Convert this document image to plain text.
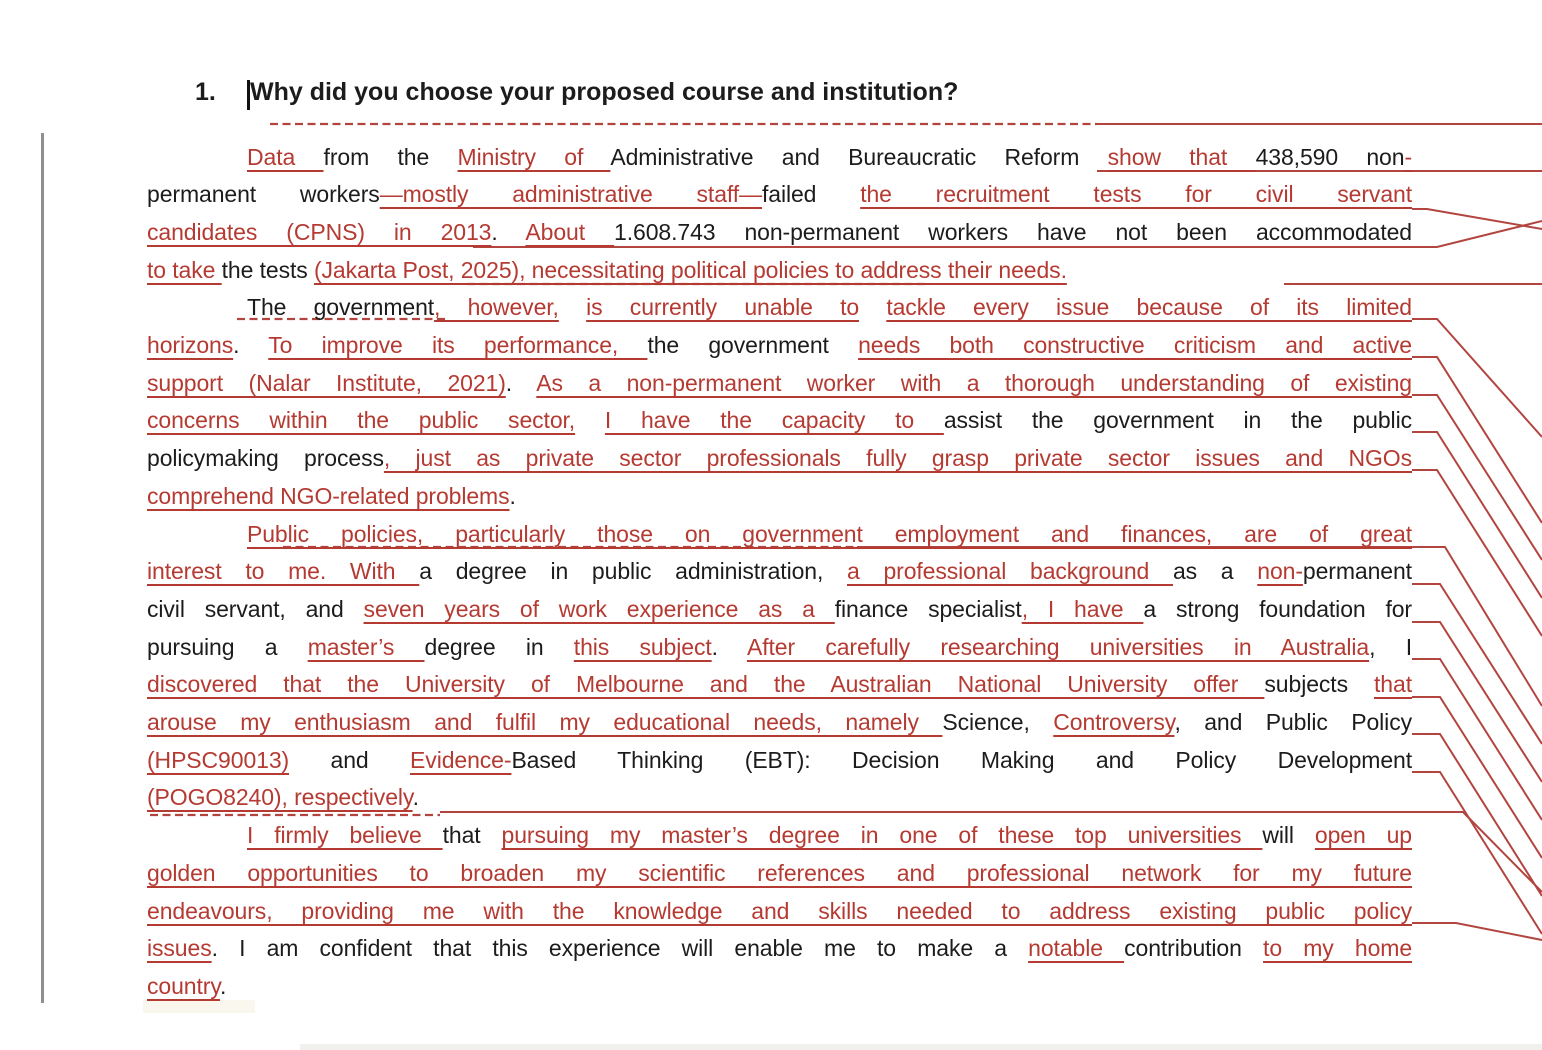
1.	Why did you choose your proposed course and institution?
Data from the Ministry of Administrative and Bureaucratic Reform show that 438,590 non-
permanent workers—mostly administrative staff—failed the recruitment tests for civil servant
candidates (CPNS) in 2013. About 1.608.743 non-permanent workers have not been accommodated
to take the tests (Jakarta Post, 2025), necessitating political policies to address their needs.
The government, however, is currently unable to tackle every issue because of its limited
horizons. To improve its performance, the government needs both constructive criticism and active
support (Nalar Institute, 2021). As a non-permanent worker with a thorough understanding of existing
concerns within the public sector, I have the capacity to assist the government in the public
policymaking process, just as private sector professionals fully grasp private sector issues and NGOs
comprehend NGO-related problems.
Public policies, particularly those on government employment and finances, are of great
interest to me. With a degree in public administration, a professional background as a non-permanent
civil servant, and seven years of work experience as a finance specialist, I have a strong foundation for
pursuing a master’s degree in this subject. After carefully researching universities in Australia, I
discovered that the University of Melbourne and the Australian National University offer subjects that
arouse my enthusiasm and fulfil my educational needs, namely Science, Controversy, and Public Policy
(HPSC90013) and Evidence-Based Thinking (EBT): Decision Making and Policy Development
(POGO8240), respectively.
I firmly believe that pursuing my master’s degree in one of these top universities will open up
golden opportunities to broaden my scientific references and professional network for my future
endeavours, providing me with the knowledge and skills needed to address existing public policy
issues. I am confident that this experience will enable me to make a notable contribution to my home
country.
